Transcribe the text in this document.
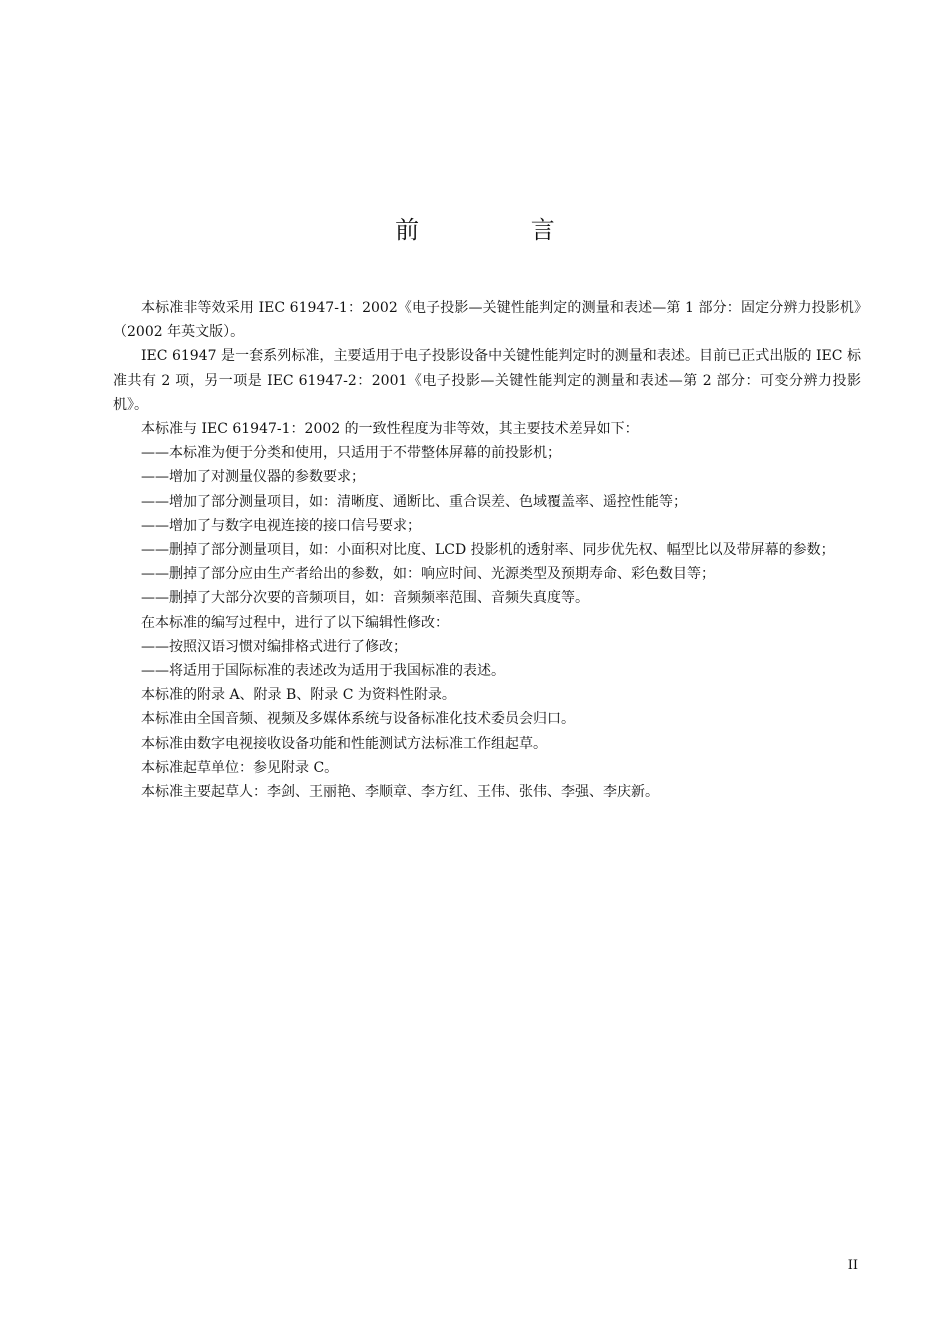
前 言

本标准非等效采用 IEC 61947-1：2002《电子投影—关键性能判定的测量和表述—第 1 部分：固定分辨力投影机》（2002 年英文版）。

IEC 61947 是一套系列标准，主要适用于电子投影设备中关键性能判定时的测量和表述。目前已正式出版的 IEC 标准共有 2 项，另一项是 IEC 61947-2：2001《电子投影—关键性能判定的测量和表述—第 2 部分：可变分辨力投影机》。

本标准与 IEC 61947-1：2002 的一致性程度为非等效，其主要技术差异如下：

——本标准为便于分类和使用，只适用于不带整体屏幕的前投影机；

——增加了对测量仪器的参数要求；

——增加了部分测量项目，如：清晰度、通断比、重合误差、色域覆盖率、遥控性能等；

——增加了与数字电视连接的接口信号要求；

——删掉了部分测量项目，如：小面积对比度、LCD 投影机的透射率、同步优先权、幅型比以及带屏幕的参数；

——删掉了部分应由生产者给出的参数，如：响应时间、光源类型及预期寿命、彩色数目等；

——删掉了大部分次要的音频项目，如：音频频率范围、音频失真度等。

在本标准的编写过程中，进行了以下编辑性修改：

——按照汉语习惯对编排格式进行了修改；

——将适用于国际标准的表述改为适用于我国标准的表述。

本标准的附录 A、附录 B、附录 C 为资料性附录。

本标准由全国音频、视频及多媒体系统与设备标准化技术委员会归口。

本标准由数字电视接收设备功能和性能测试方法标准工作组起草。

本标准起草单位：参见附录 C。

本标准主要起草人：李剑、王丽艳、李顺章、李方红、王伟、张伟、李强、李庆新。

II
